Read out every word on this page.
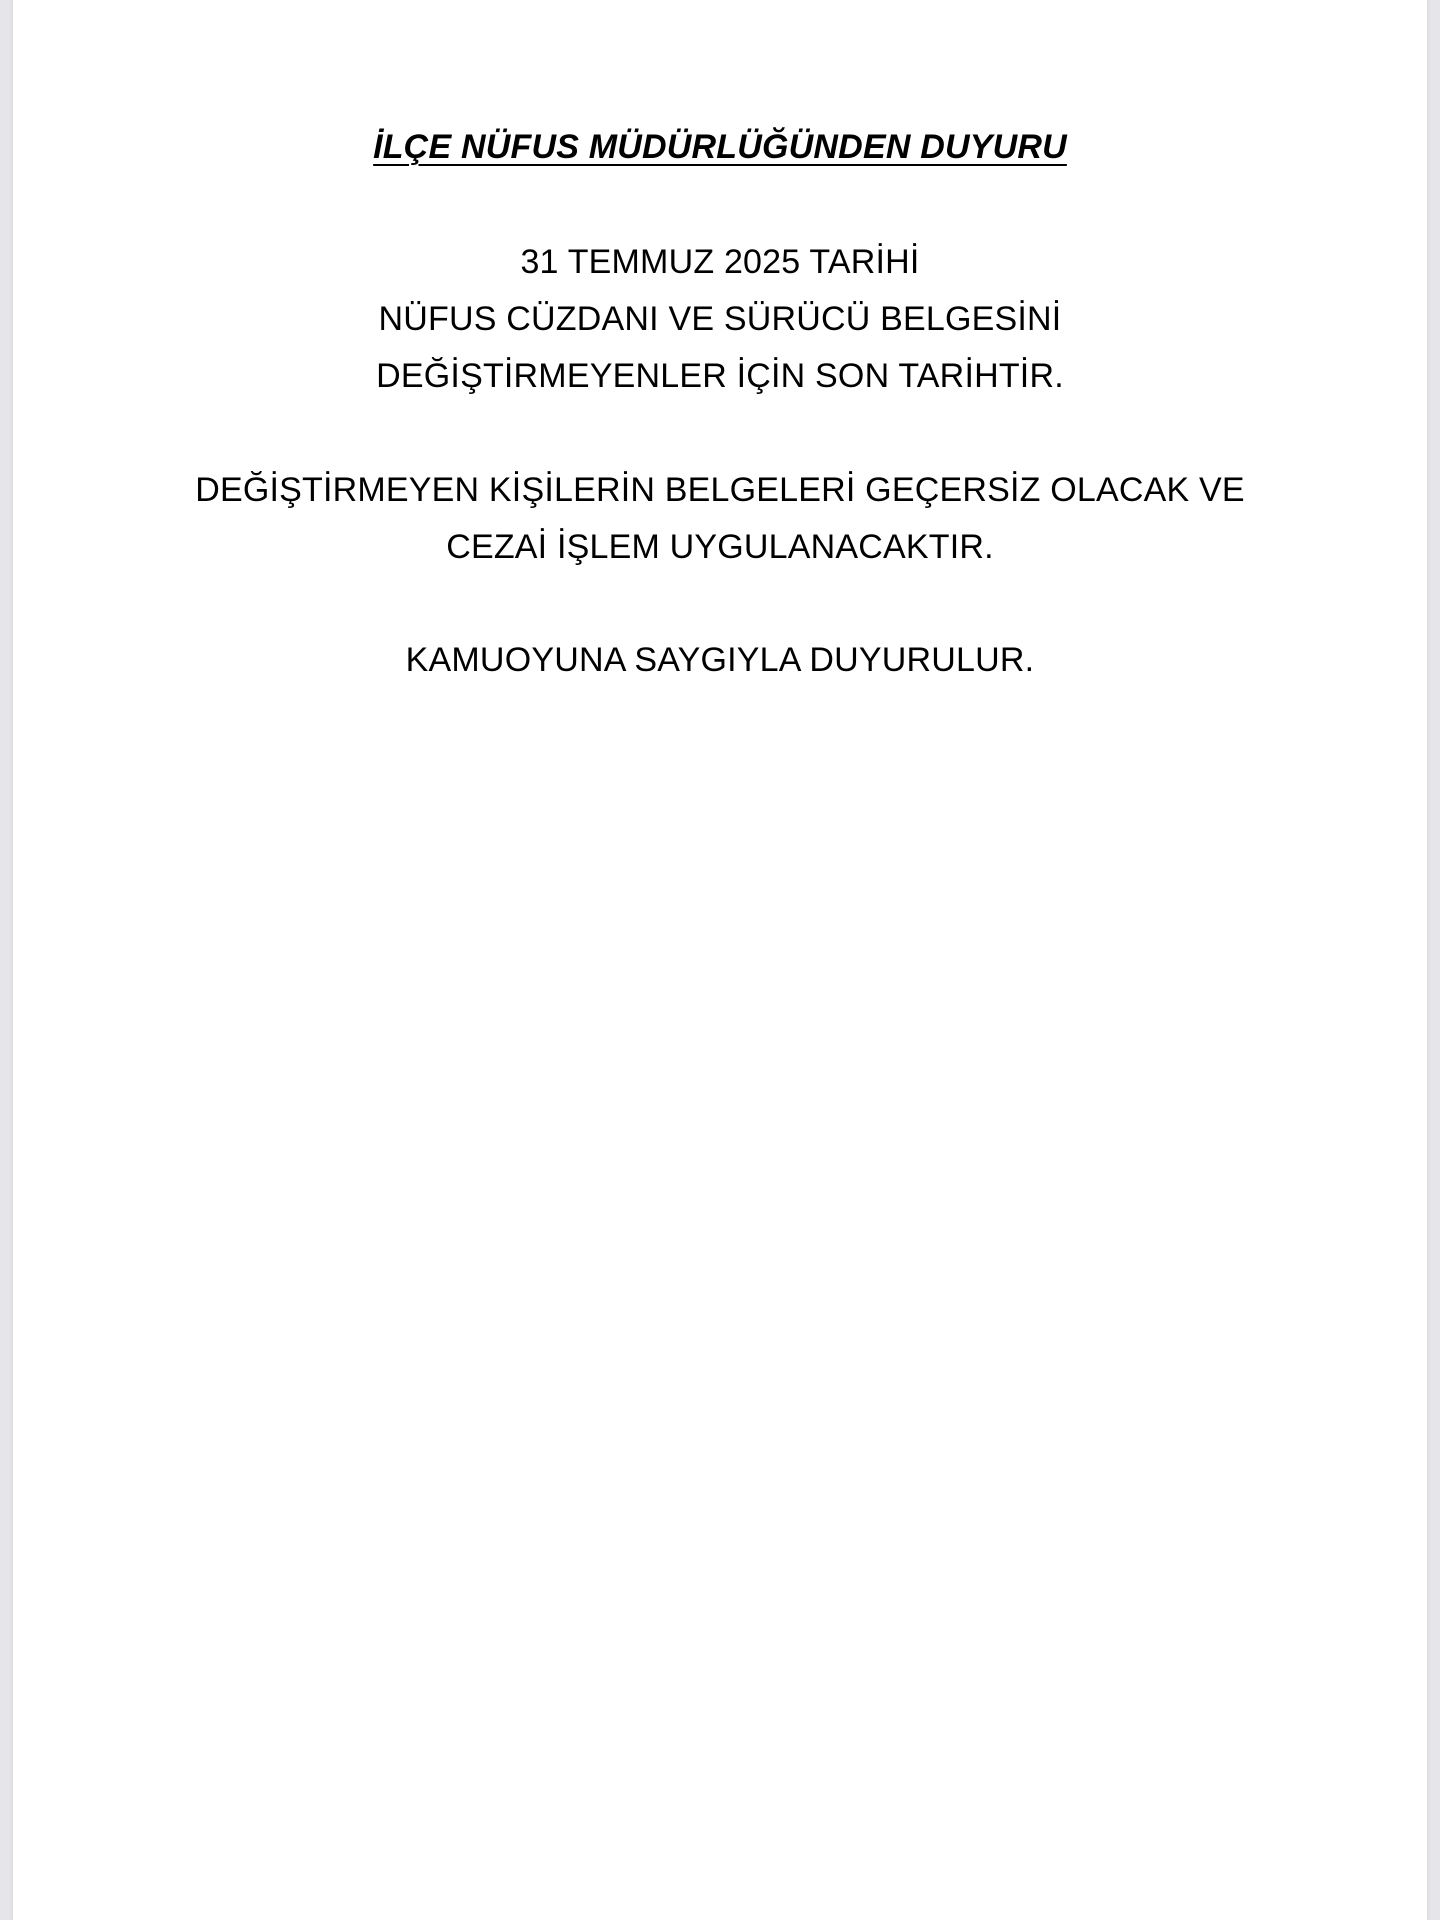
İLÇE NÜFUS MÜDÜRLÜĞÜNDEN DUYURU

31 TEMMUZ 2025 TARİHİ
NÜFUS CÜZDANI VE SÜRÜCÜ BELGESİNİ
DEĞİŞTİRMEYENLER İÇİN SON TARİHTİR.

DEĞİŞTİRMEYEN KİŞİLERİN BELGELERİ GEÇERSİZ OLACAK VE
CEZAİ İŞLEM UYGULANACAKTIR.

KAMUOYUNA SAYGIYLA DUYURULUR.
